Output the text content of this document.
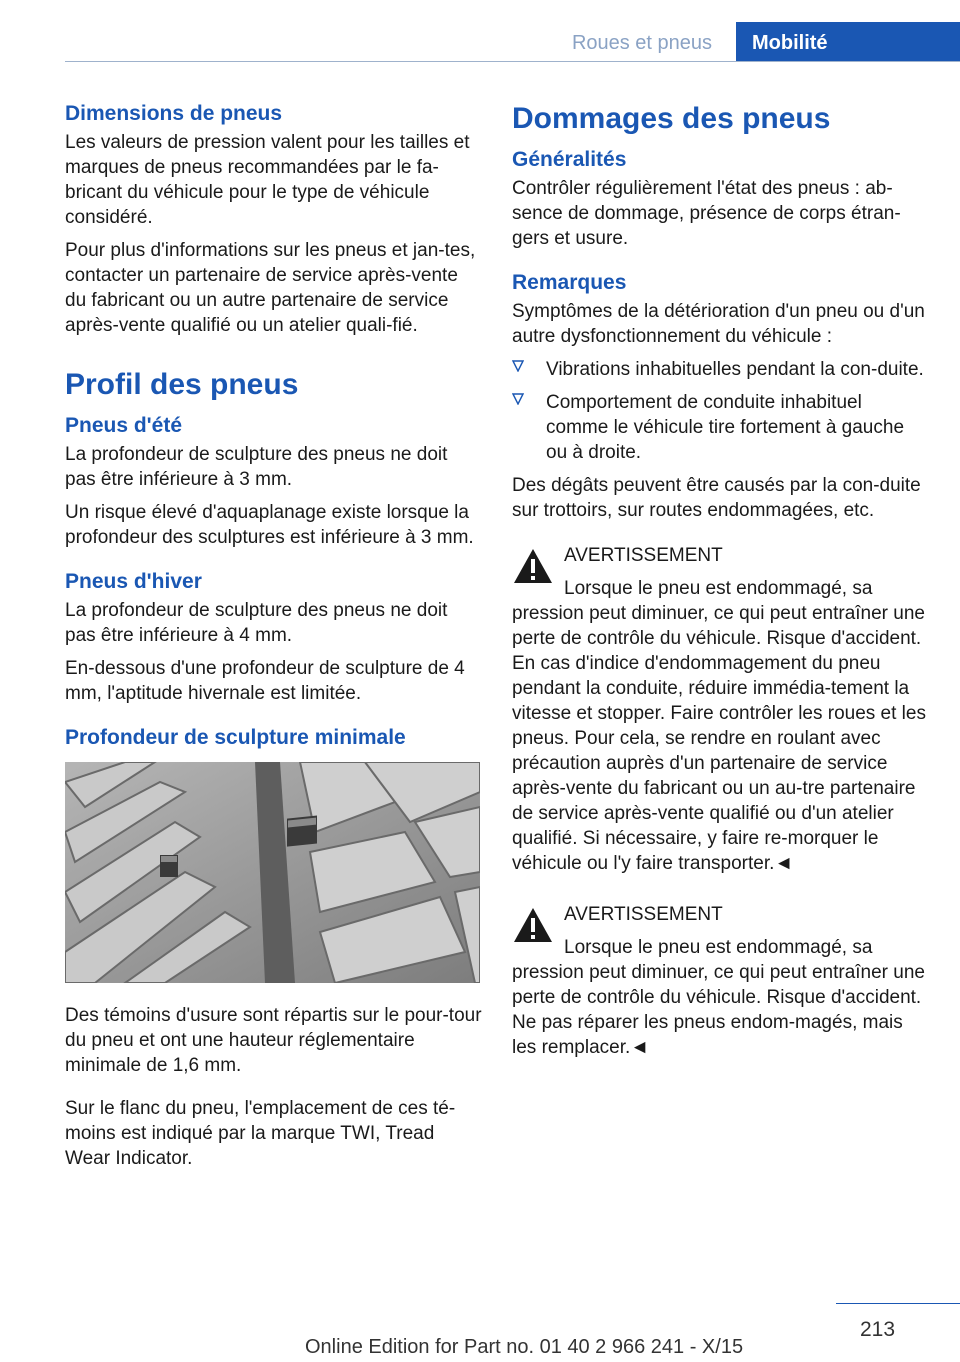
Roues et pneus	Mobilité
Dimensions de pneus

Les valeurs de pression valent pour les tailles et marques de pneus recommandées par le fa-bricant du véhicule pour le type de véhicule considéré.

Pour plus d'informations sur les pneus et jan-tes, contacter un partenaire de service après-vente du fabricant ou un autre partenaire de service après-vente qualifié ou un atelier quali-fié.

Profil des pneus
Pneus d'été

La profondeur de sculpture des pneus ne doit pas être inférieure à 3 mm.

Un risque élevé d'aquaplanage existe lorsque la profondeur des sculptures est inférieure à 3 mm.

Pneus d'hiver

La profondeur de sculpture des pneus ne doit pas être inférieure à 4 mm.

En-dessous d'une profondeur de sculpture de 4 mm, l'aptitude hivernale est limitée.

Profondeur de sculpture minimale

Des témoins d'usure sont répartis sur le pour-tour du pneu et ont une hauteur réglementaire minimale de 1,6 mm.

Sur le flanc du pneu, l'emplacement de ces té-moins est indiqué par la marque TWI, Tread Wear Indicator.

Dommages des pneus
Généralités

Contrôler régulièrement l'état des pneus : ab-sence de dommage, présence de corps étran-gers et usure.

Remarques

Symptômes de la détérioration d'un pneu ou d'un autre dysfonctionnement du véhicule :

Vibrations inhabituelles pendant la con-duite.
Comportement de conduite inhabituel comme le véhicule tire fortement à gauche ou à droite.

Des dégâts peuvent être causés par la con-duite sur trottoirs, sur routes endommagées, etc.

AVERTISSEMENT

Lorsque le pneu est endommagé, sa
pression peut diminuer, ce qui peut entraîner une perte de contrôle du véhicule. Risque d'accident. En cas d'indice d'endommagement du pneu pendant la conduite, réduire immédia-tement la vitesse et stopper. Faire contrôler les roues et les pneus. Pour cela, se rendre en roulant avec précaution auprès d'un partenaire de service après-vente du fabricant ou un au-tre partenaire de service après-vente qualifié ou d'un atelier qualifié. Si nécessaire, y faire re-morquer le véhicule ou l'y faire transporter.◄

AVERTISSEMENT

Lorsque le pneu est endommagé, sa
pression peut diminuer, ce qui peut entraîner une perte de contrôle du véhicule. Risque d'accident. Ne pas réparer les pneus endom-magés, mais les remplacer.◄

213
Online Edition for Part no. 01 40 2 966 241 - X/15
